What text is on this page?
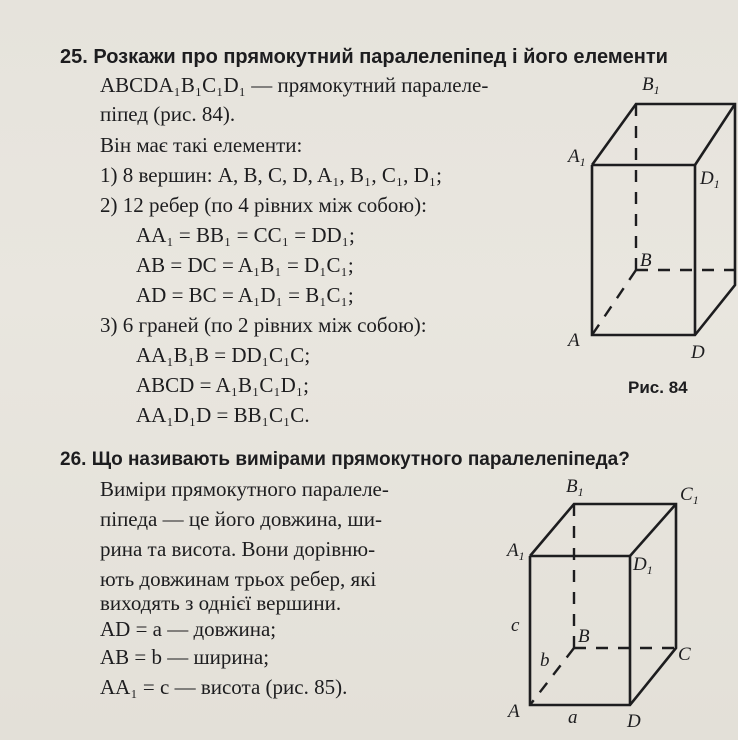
25. Розкажи про прямокутний паралелепіпед і його елементи
ABCDA₁B₁C₁D₁ — прямокутний паралеле-
піпед (рис. 84).
Він має такі елементи:
1) 8 вершин: A, B, C, D, A₁, B₁, C₁, D₁;
2) 12 ребер (по 4 рівних між собою):
AA₁ = BB₁ = CC₁ = DD₁;
AB = DC = A₁B₁ = D₁C₁;
AD = BC = A₁D₁ = B₁C₁;
3) 6 граней (по 2 рівних між собою):
AA₁B₁B = DD₁C₁C;
ABCD = A₁B₁C₁D₁;
AA₁D₁D = BB₁C₁C.
A
B
D
$A_1$
$B_1$
$D_1$
Рис. 84
26. Що називають вимірами прямокутного паралелепіпеда?
Виміри прямокутного паралеле-
піпеда — це його довжина, ши-
рина та висота. Вони дорівню-
ють довжинам трьох ребер, які
виходять з однієї вершини.
AD = a — довжина;
AB = b — ширина;
AA₁ = c — висота (рис. 85).
A
B
C
D
$A_1$
$B_1$	$C_1$
$D_1$
a
b
c
